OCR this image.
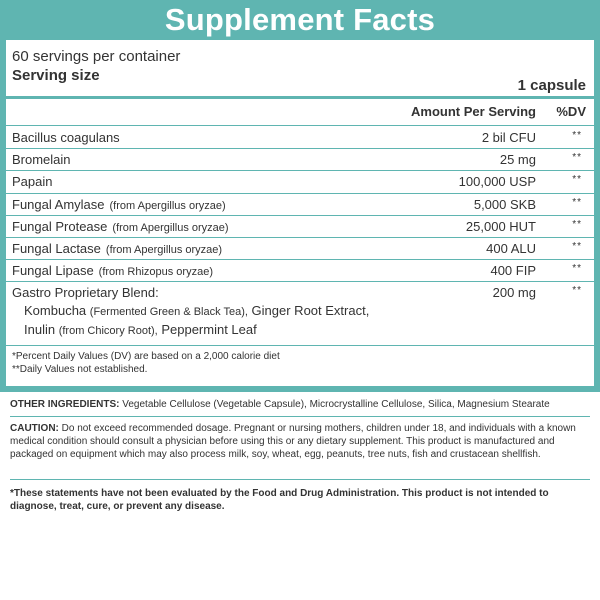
Supplement Facts
60 servings per container
Serving size
1 capsule
Amount Per Serving %DV
Bacillus coagulans	2 bil CFU	**
Bromelain	25 mg	**
Papain	100,000 USP	**
Fungal Amylase (from Apergillus oryzae)	5,000 SKB	**
Fungal Protease (from Apergillus oryzae)	25,000 HUT	**
Fungal Lactase (from Apergillus oryzae)	400 ALU	**
Fungal Lipase (from Rhizopus oryzae)	400 FIP	**
Gastro Proprietary Blend:	200 mg	**
Kombucha (Fermented Green & Black Tea), Ginger Root Extract,
Inulin (from Chicory Root), Peppermint Leaf
*Percent Daily Values (DV) are based on a 2,000 calorie diet
**Daily Values not established.
OTHER INGREDIENTS: Vegetable Cellulose (Vegetable Capsule), Microcrystalline Cellulose, Silica, Magnesium Stearate
CAUTION: Do not exceed recommended dosage. Pregnant or nursing mothers, children under 18, and individuals with a known medical condition should consult a physician before using this or any dietary supplement. This product is manufactured and packaged on equipment which may also process milk, soy, wheat, egg, peanuts, tree nuts, fish and crustacean shellfish.
*These statements have not been evaluated by the Food and Drug Administration. This product is not intended to diagnose, treat, cure, or prevent any disease.
